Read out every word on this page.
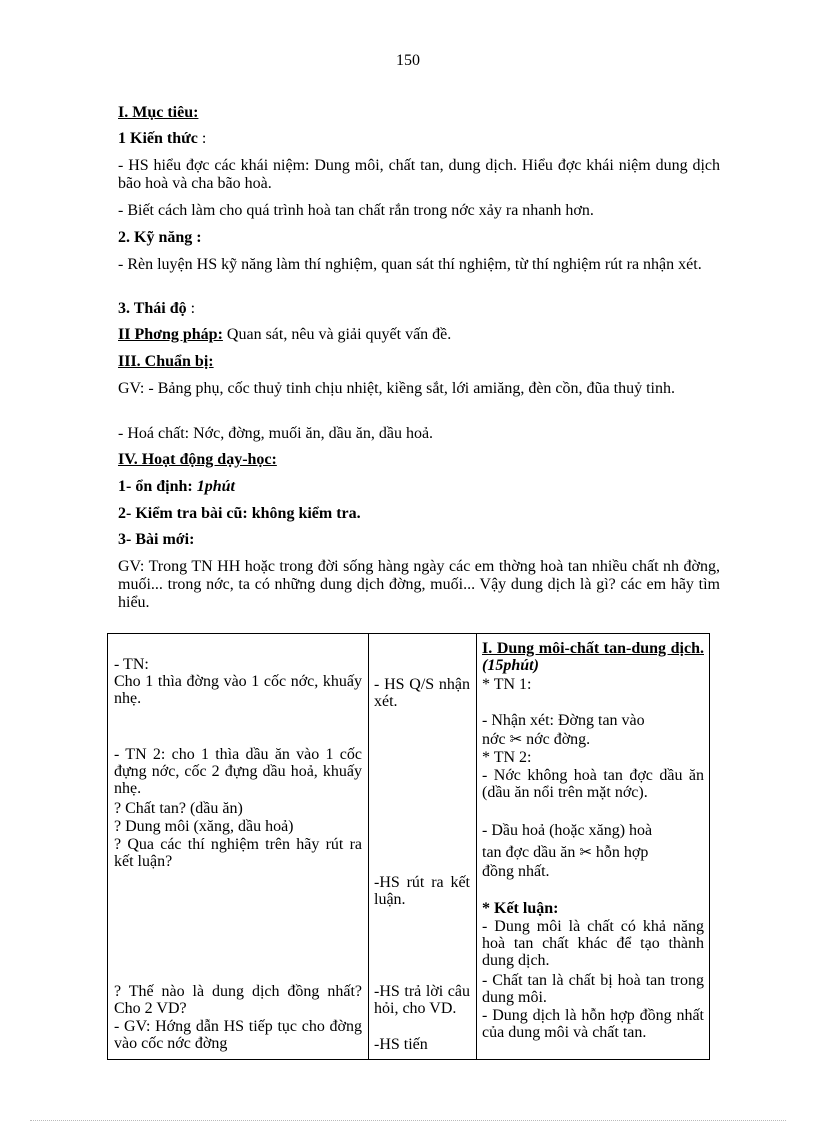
150
I. Mục tiêu:
1 Kiến thức :
- HS hiểu đợc các khái niệm: Dung môi, chất tan, dung dịch. Hiểu đợc khái niệm dung dịch bão hoà và cha bão hoà.
- Biết cách làm cho quá trình hoà tan chất rắn trong nớc xảy ra nhanh hơn.
2. Kỹ năng :
- Rèn luyện HS kỹ năng làm thí nghiệm, quan sát thí nghiệm, từ thí nghiệm rút ra nhận xét.
3. Thái độ :
II Phơng pháp: Quan sát, nêu và giải quyết vấn đề.
III. Chuẩn bị:
GV: - Bảng phụ, cốc thuỷ tinh chịu nhiệt, kiềng sắt, lới amiăng, đèn cồn, đũa thuỷ tinh.
- Hoá chất: Nớc, đờng, muối ăn, dầu ăn, dầu hoả.
IV. Hoạt động dạy-học:
1- ổn định: 1phút
2- Kiểm tra bài cũ: không kiểm tra.
3- Bài mới:
GV: Trong TN HH hoặc trong đời sống hàng ngày các em thờng hoà tan nhiều chất nh đờng, muối... trong nớc, ta có những dung dịch đờng, muối... Vậy dung dịch là gì? các em hãy tìm hiểu.
- TN:
Cho 1 thìa đờng vào 1 cốc nớc, khuấy nhẹ.
- TN 2: cho 1 thìa dầu ăn vào 1 cốc đựng nớc, cốc 2 đựng dầu hoả, khuấy nhẹ.
? Chất tan? (dầu ăn)
? Dung môi (xăng, dầu hoả)
? Qua các thí nghiệm trên hãy rút ra kết luận?
? Thế nào là dung dịch đồng nhất? Cho 2 VD?
- GV: Hớng dẫn HS tiếp tục cho đờng vào cốc nớc đờng
- HS Q/S nhận xét.
-HS rút ra kết luận.
-HS trả lời câu hỏi, cho VD.
-HS tiến
I. Dung môi-chất tan-dung dịch. (15phút)
* TN 1:
- Nhận xét: Đờng tan vào
nớc ✂ nớc đờng.
* TN 2:
- Nớc không hoà tan đợc dầu ăn (dầu ăn nổi trên mặt nớc).
- Dầu hoả (hoặc xăng) hoà
tan đợc dầu ăn ✂ hỗn hợp
đồng nhất.
* Kết luận:
- Dung môi là chất có khả năng hoà tan chất khác để tạo thành dung dịch.
- Chất tan là chất bị hoà tan trong dung môi.
- Dung dịch là hỗn hợp đồng nhất của dung môi và chất tan.
